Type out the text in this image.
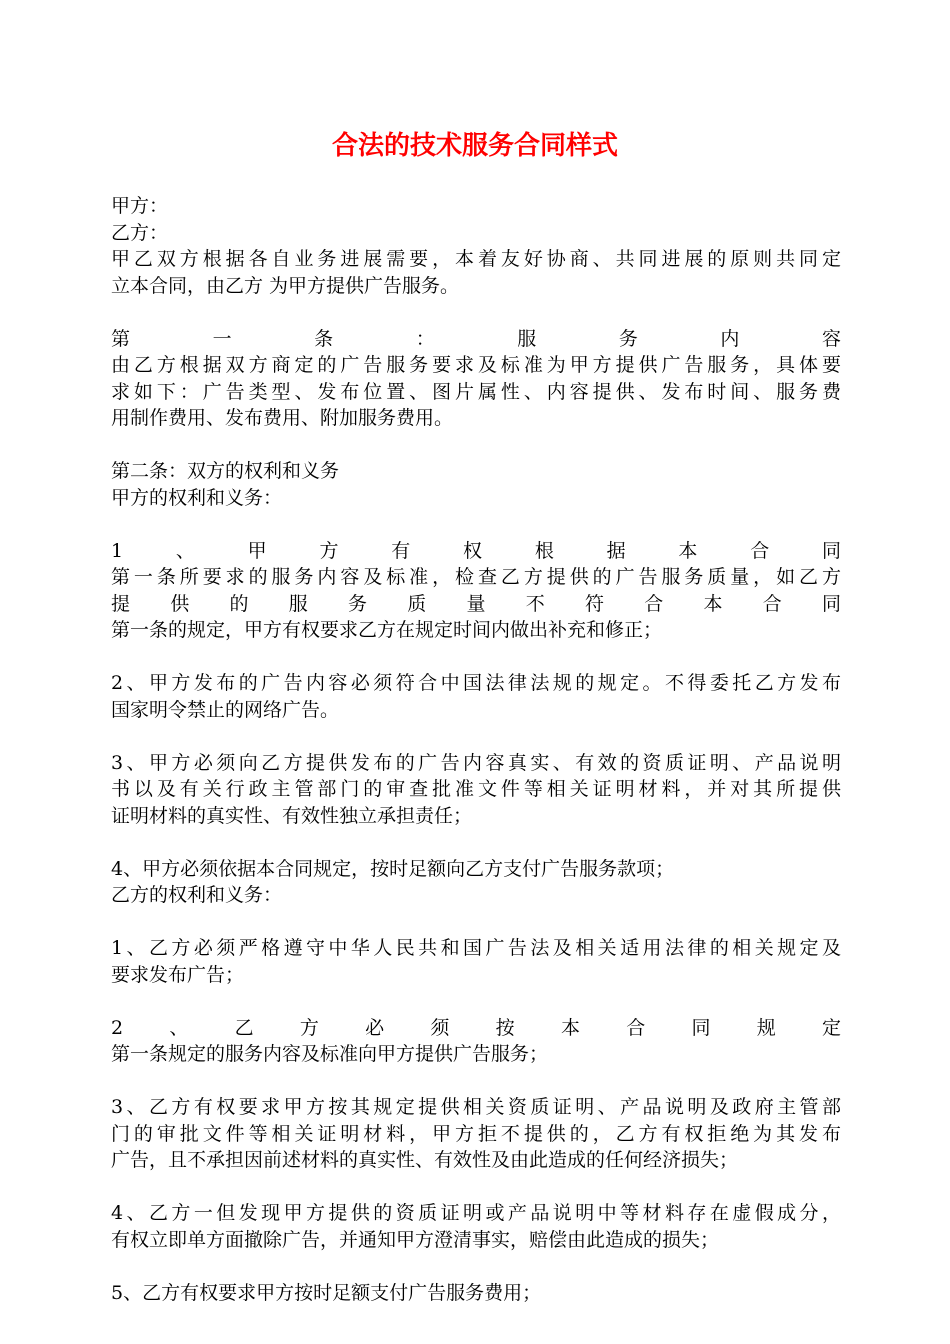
合法的技术服务合同样式
甲方：
乙方：
甲乙双方根据各自业务进展需要，本着友好协商、共同进展的原则共同定
立本合同，由乙方 为甲方提供广告服务。
第一条：服务内容
由乙方根据双方商定的广告服务要求及标准为甲方提供广告服务，具体要
求如下：广告类型、发布位置、图片属性、内容提供、发布时间、服务费
用制作费用、发布费用、附加服务费用。
第二条：双方的权利和义务
甲方的权利和义务：
1、甲方有权根据本合同
第一条所要求的服务内容及标准，检查乙方提供的广告服务质量，如乙方
提供的服务质量不符合本合同
第一条的规定，甲方有权要求乙方在规定时间内做出补充和修正；
2、甲方发布的广告内容必须符合中国法律法规的规定。不得委托乙方发布
国家明令禁止的网络广告。
3、甲方必须向乙方提供发布的广告内容真实、有效的资质证明、产品说明
书以及有关行政主管部门的审查批准文件等相关证明材料，并对其所提供
证明材料的真实性、有效性独立承担责任；
4、甲方必须依据本合同规定，按时足额向乙方支付广告服务款项；
乙方的权利和义务：
1、乙方必须严格遵守中华人民共和国广告法及相关适用法律的相关规定及
要求发布广告；
2、乙方必须按本合同规定
第一条规定的服务内容及标准向甲方提供广告服务；
3、乙方有权要求甲方按其规定提供相关资质证明、产品说明及政府主管部
门的审批文件等相关证明材料，甲方拒不提供的，乙方有权拒绝为其发布
广告，且不承担因前述材料的真实性、有效性及由此造成的任何经济损失；
4、乙方一但发现甲方提供的资质证明或产品说明中等材料存在虚假成分，
有权立即单方面撤除广告，并通知甲方澄清事实，赔偿由此造成的损失；
5、乙方有权要求甲方按时足额支付广告服务费用；
